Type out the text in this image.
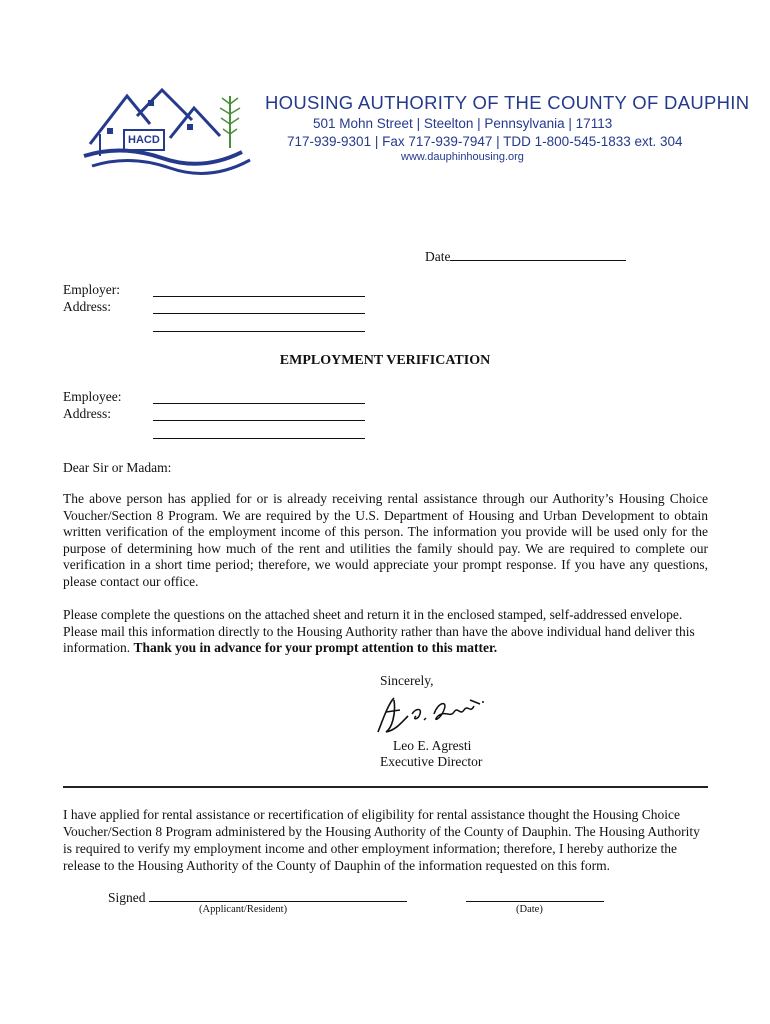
HACD
HOUSING AUTHORITY OF THE COUNTY OF DAUPHIN
501 Mohn Street | Steelton | Pennsylvania | 17113
717-939-9301 | Fax 717-939-7947 | TDD 1-800-545-1833 ext. 304
www.dauphinhousing.org
Date
Employer:
Address:
EMPLOYMENT VERIFICATION
Employee:
Address:
Dear Sir or Madam:
The above person has applied for or is already receiving rental assistance through our Authority’s Housing Choice Voucher/Section 8 Program. We are required by the U.S. Department of Housing and Urban Development to obtain written verification of the employment income of this person. The information you provide will be used only for the purpose of determining how much of the rent and utilities the family should pay. We are required to complete our verification in a short time period; therefore, we would appreciate your prompt response. If you have any questions, please contact our office.
Please complete the questions on the attached sheet and return it in the enclosed stamped, self-addressed envelope. Please mail this information directly to the Housing Authority rather than have the above individual hand deliver this information. Thank you in advance for your prompt attention to this matter.
Sincerely,
Leo E. Agresti
Executive Director
I have applied for rental assistance or recertification of eligibility for rental assistance thought the Housing Choice Voucher/Section 8 Program administered by the Housing Authority of the County of Dauphin. The Housing Authority is required to verify my employment income and other employment information; therefore, I hereby authorize the release to the Housing Authority of the County of Dauphin of the information requested on this form.
Signed
(Applicant/Resident)	(Date)
